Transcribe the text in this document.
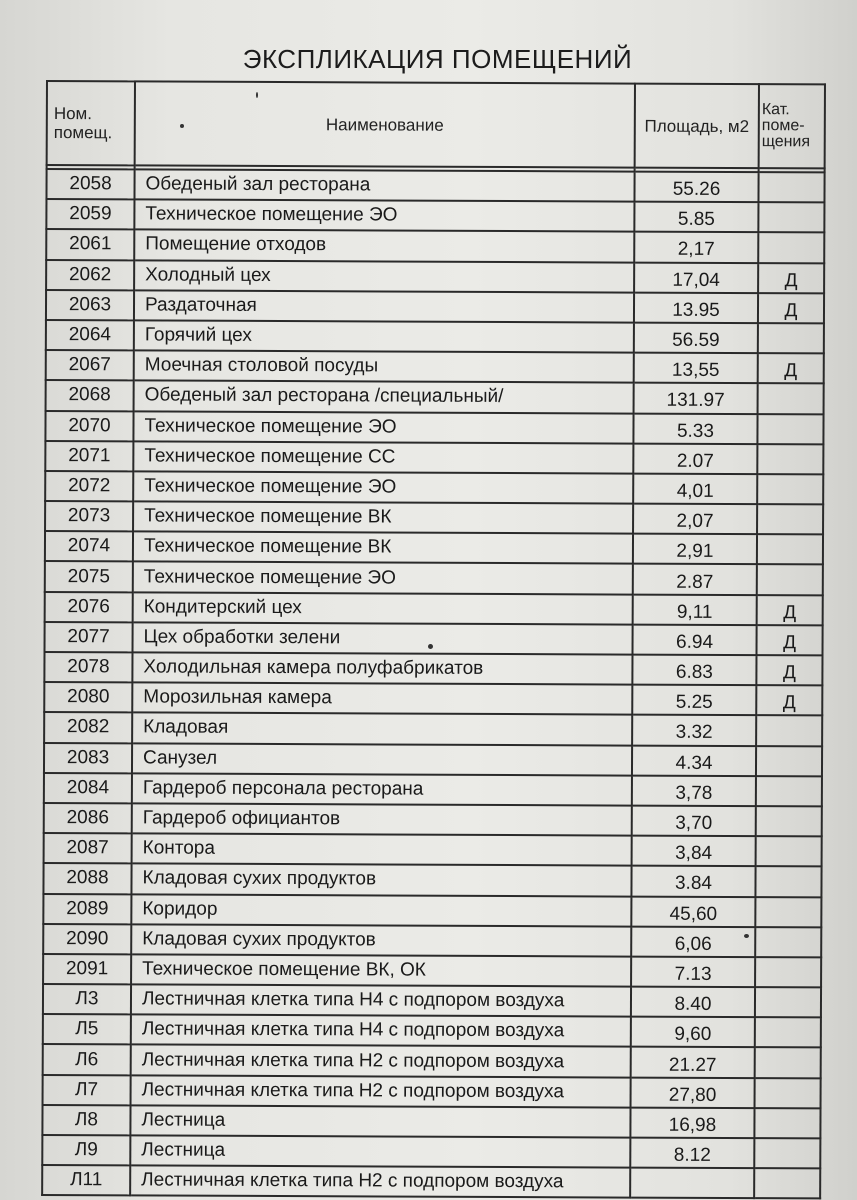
ЭКСПЛИКАЦИЯ ПОМЕЩЕНИЙ
Ном. помещ.	Наименование	Площадь, м2	Кат. поме-щения

2058	Обеденый зал ресторана	55.26	
2059	Техническое помещение ЭО	5.85	
2061	Помещение отходов	2,17	
2062	Холодный цех	17,04	Д
2063	Раздаточная	13.95	Д
2064	Горячий цех	56.59	
2067	Моечная столовой посуды	13,55	Д
2068	Обеденый зал ресторана /специальный/	131.97	
2070	Техническое помещение ЭО	5.33	
2071	Техническое помещение СС	2.07	
2072	Техническое помещение ЭО	4,01	
2073	Техническое помещение ВК	2,07	
2074	Техническое помещение ВК	2,91	
2075	Техническое помещение ЭО	2.87	
2076	Кондитерский цех	9,11	Д
2077	Цех обработки зелени	6.94	Д
2078	Холодильная камера полуфабрикатов	6.83	Д
2080	Морозильная камера	5.25	Д
2082	Кладовая	3.32	
2083	Санузел	4.34	
2084	Гардероб персонала ресторана	3,78	
2086	Гардероб официантов	3,70	
2087	Контора	3,84	
2088	Кладовая сухих продуктов	3.84	
2089	Коридор	45,60	
2090	Кладовая сухих продуктов	6,06	
2091	Техническое помещение ВК, ОК	7.13	
Л3	Лестничная клетка типа Н4 с подпором воздуха	8.40	
Л5	Лестничная клетка типа Н4 с подпором воздуха	9,60	
Л6	Лестничная клетка типа Н2 с подпором воздуха	21.27	
Л7	Лестничная клетка типа Н2 с подпором воздуха	27,80	
Л8	Лестница	16,98	
Л9	Лестница	8.12	
Л11	Лестничная клетка типа Н2 с подпором воздуха		
